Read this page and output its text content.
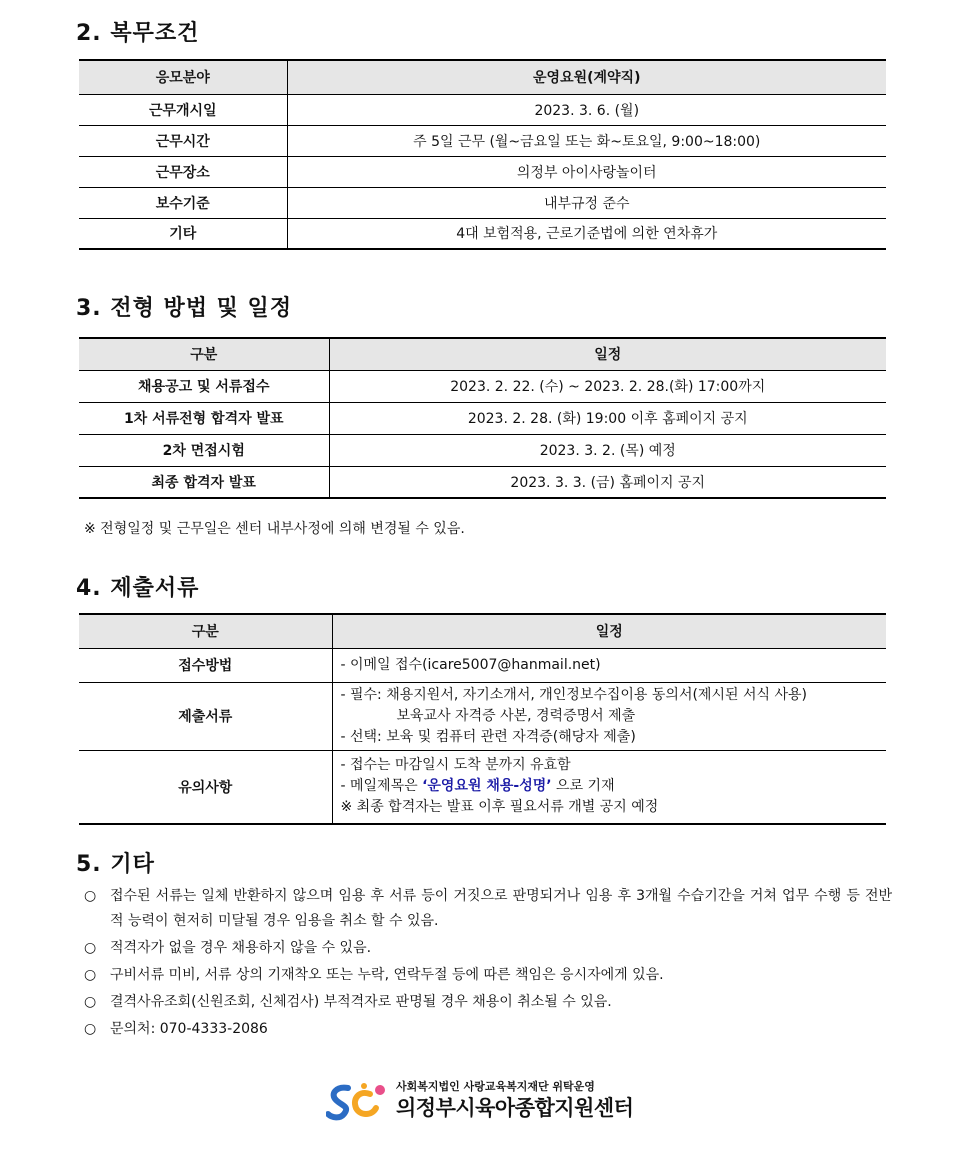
2. 복무조건
응모분야	운영요원(계약직)
근무개시일	2023. 3. 6. (월)
근무시간	주 5일 근무 (월~금요일 또는 화~토요일, 9:00~18:00)
근무장소	의정부 아이사랑놀이터
보수기준	내부규정 준수
기타	4대 보험적용, 근로기준법에 의한 연차휴가
3. 전형 방법 및 일정
구분	일정
채용공고 및 서류접수	2023. 2. 22. (수) ~ 2023. 2. 28.(화) 17:00까지
1차 서류전형 합격자 발표	2023. 2. 28. (화) 19:00 이후 홈페이지 공지
2차 면접시험	2023. 3. 2. (목) 예정
최종 합격자 발표	2023. 3. 3. (금) 홈페이지 공지
※ 전형일정 및 근무일은 센터 내부사정에 의해 변경될 수 있음.
4. 제출서류
구분	일정
접수방법	- 이메일 접수(icare5007@hanmail.net)
제출서류	- 필수: 채용지원서, 자기소개서, 개인정보수집이용 동의서(제시된 서식 사용)
보육교사 자격증 사본, 경력증명서 제출
- 선택: 보육 및 컴퓨터 관련 자격증(해당자 제출)

유의사항	- 접수는 마감일시 도착 분까지 유효함
- 메일제목은 ‘운영요원 채용-성명’ 으로 기재
※ 최종 합격자는 발표 이후 필요서류 개별 공지 예정
5. 기타
○ 접수된 서류는 일체 반환하지 않으며 임용 후 서류 등이 거짓으로 판명되거나 임용 후 3개월 수습기간을 거쳐 업무 수행 등 전반적 능력이 현저히 미달될 경우 임용을 취소 할 수 있음.
○ 적격자가 없을 경우 채용하지 않을 수 있음.
○ 구비서류 미비, 서류 상의 기재착오 또는 누락, 연락두절 등에 따른 책임은 응시자에게 있음.
○ 결격사유조회(신원조회, 신체검사) 부적격자로 판명될 경우 채용이 취소될 수 있음.
○ 문의처: 070-4333-2086
사회복지법인 사랑교육복지재단 위탁운영
의정부시육아종합지원센터
